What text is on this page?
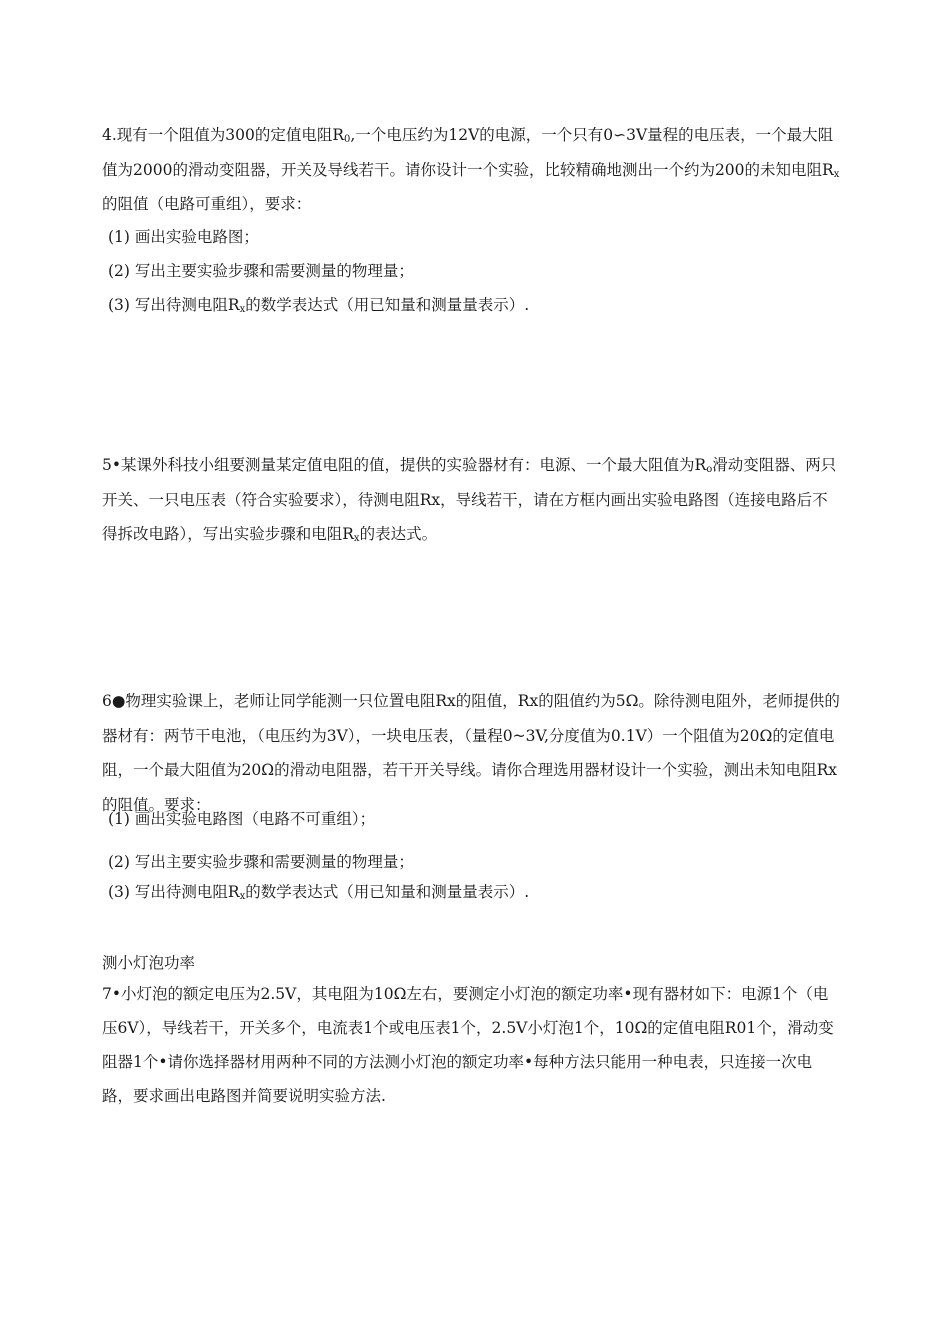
4.现有一个阻值为300的定值电阻$R_0$,一个电压约为12V的电源，一个只有0∽3V量程的电压表，一个最大阻值为2000的滑动变阻器，开关及导线若干。请你设计一个实验，比较精确地测出一个约为200的未知电阻$R_x$的阻值（电路可重组），要求：

(1) 画出实验电路图；

(2) 写出主要实验步骤和需要测量的物理量；

(3) 写出待测电阻$R_x$的数学表达式（用已知量和测量量表示）.

5•某课外科技小组要测量某定值电阻的值，提供的实验器材有：电源、一个最大阻值为$R_o$滑动变阻器、两只开关、一只电压表（符合实验要求），待测电阻Rx，导线若干，请在方框内画出实验电路图（连接电路后不得拆改电路），写出实验步骤和电阻$R_x$的表达式。

6●物理实验课上，老师让同学能测一只位置电阻Rx的阻值，Rx的阻值约为5Ω。除待测电阻外，老师提供的器材有：两节干电池，（电压约为3V），一块电压表，（量程0~3V,分度值为0.1V）一个阻值为20Ω的定值电阻，一个最大阻值为20Ω的滑动电阻器，若干开关导线。请你合理选用器材设计一个实验，测出未知电阻Rx的阻值。要求：

(1) 画出实验电路图（电路不可重组）；

(2) 写出主要实验步骤和需要测量的物理量；

(3) 写出待测电阻$R_x$的数学表达式（用已知量和测量量表示）.

测小灯泡功率

7•小灯泡的额定电压为2.5V，其电阻为10Ω左右，要测定小灯泡的额定功率•现有器材如下：电源1个（电压6V），导线若干，开关多个，电流表1个或电压表1个，2.5V小灯泡1个，10Ω的定值电阻R01个，滑动变阻器1个•请你选择器材用两种不同的方法测小灯泡的额定功率•每种方法只能用一种电表，只连接一次电路，要求画出电路图并简要说明实验方法.
